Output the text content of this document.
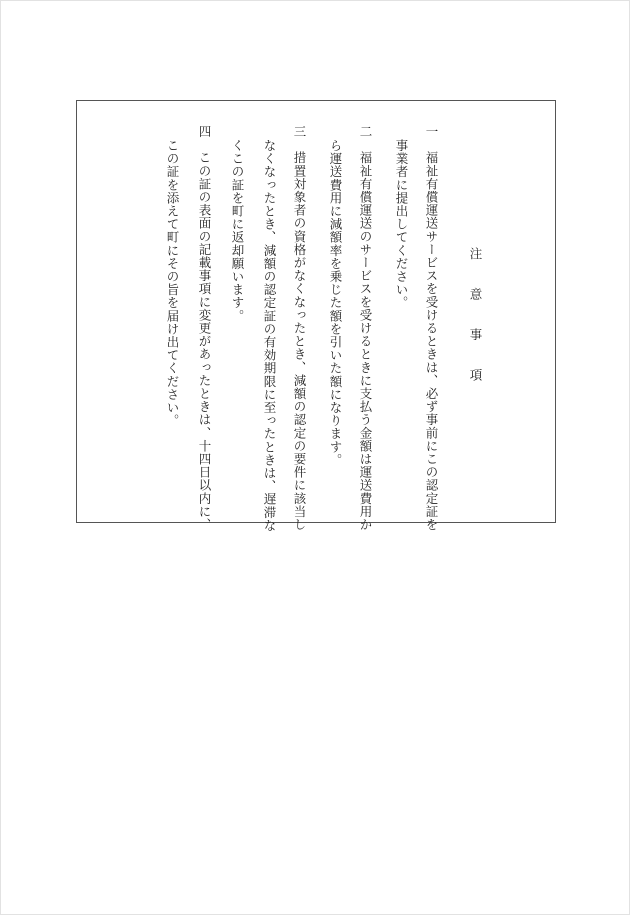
注 意 事 項
一　福祉有償運送サービスを受けるときは、必ず事前にこの認定証を
事業者に提出してください。
二　福祉有償運送のサービスを受けるときに支払う金額は運送費用か
ら運送費用に減額率を乗じた額を引いた額になります。
三　措置対象者の資格がなくなったとき、減額の認定の要件に該当し
なくなったとき、減額の認定証の有効期限に至ったときは、遅滞な
くこの証を町に返却願います。
四　この証の表面の記載事項に変更があったときは、十四日以内に、
この証を添えて町にその旨を届け出てください。
